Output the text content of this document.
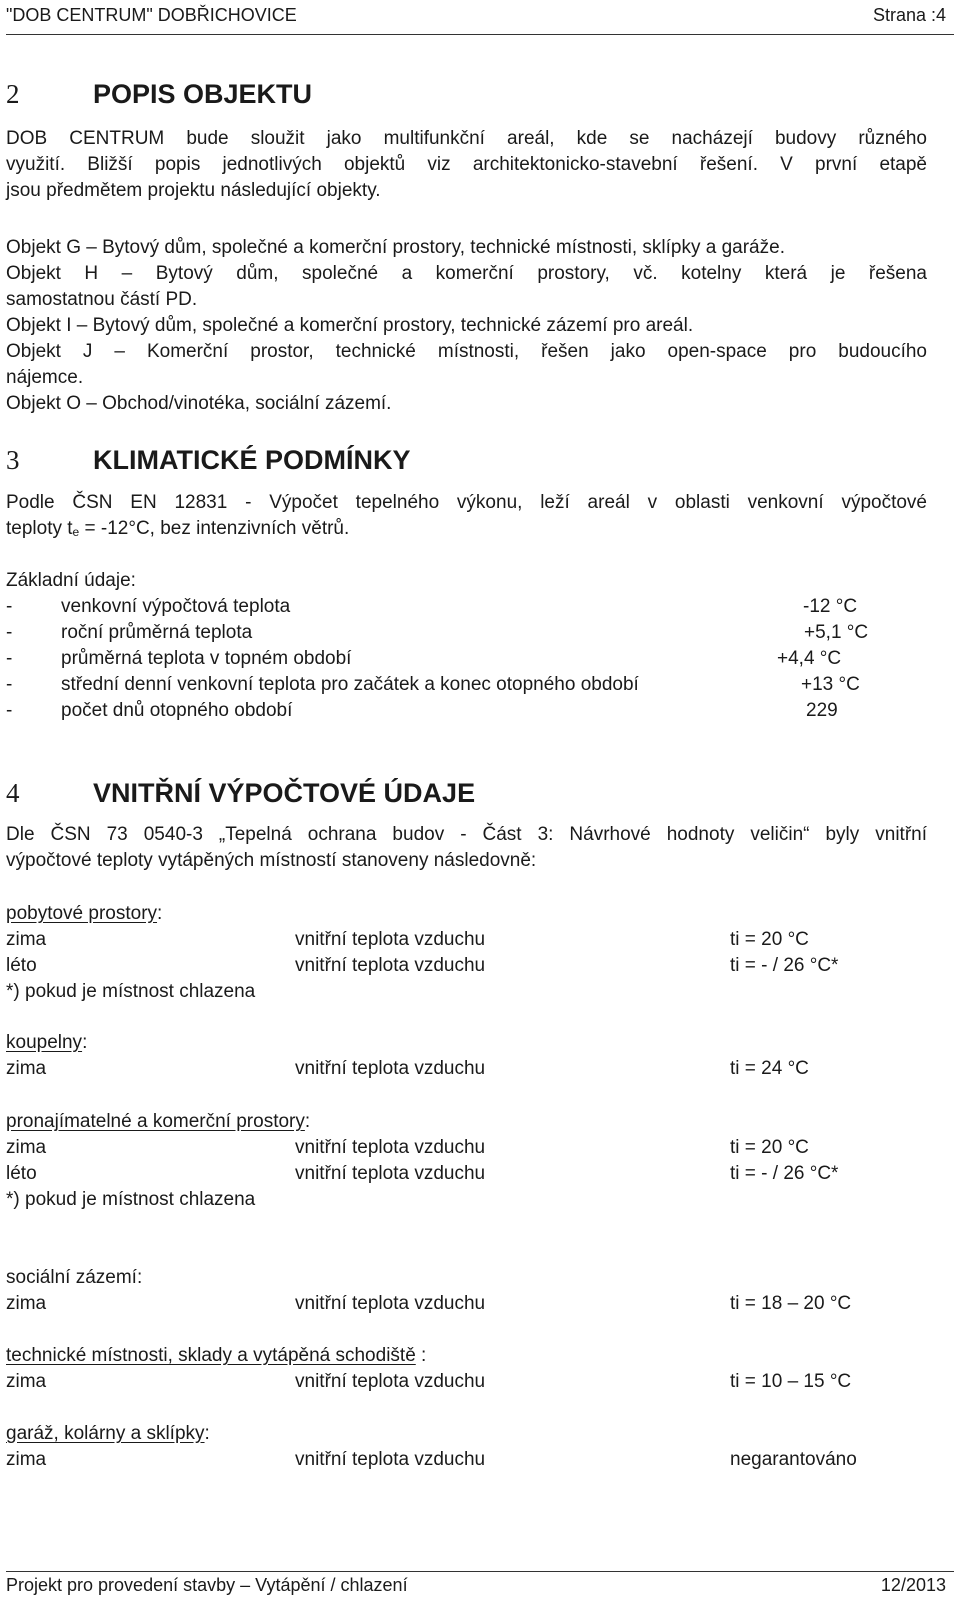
"DOB CENTRUM" DOBŘICHOVICE	Strana :4
2	POPIS OBJEKTU
DOB CENTRUM bude sloužit jako multifunkční areál, kde se nacházejí budovy různého
využití. Bližší popis jednotlivých objektů viz architektonicko-stavební řešení. V první etapě
jsou předmětem projektu následující objekty.
Objekt G – Bytový dům, společné a komerční prostory, technické místnosti, sklípky a garáže.
Objekt H – Bytový dům, společné a komerční prostory, vč. kotelny která je řešena
samostatnou částí PD.
Objekt I – Bytový dům, společné a komerční prostory, technické zázemí pro areál.
Objekt J – Komerční prostor, technické místnosti, řešen jako open-space pro budoucího
nájemce.
Objekt O – Obchod/vinotéka, sociální zázemí.
3	KLIMATICKÉ PODMÍNKY
Podle ČSN EN 12831 - Výpočet tepelného výkonu, leží areál v oblasti venkovní výpočtové
teploty $t_e = -12^\circ C$, bez intenzivních větrů.
Základní údaje:
-	venkovní výpočtová teplota	-12 °C
-	roční průměrná teplota	+5,1 °C
-	průměrná teplota v topném období	+4,4 °C
-	střední denní venkovní teplota pro začátek a konec otopného období	+13 °C
-	počet dnů otopného období	229
4	VNITŘNÍ VÝPOČTOVÉ ÚDAJE
Dle ČSN 73 0540-3 „Tepelná ochrana budov - Část 3: Návrhové hodnoty veličin“ byly vnitřní
výpočtové teploty vytápěných místností stanoveny následovně:
pobytové prostory:
zima	vnitřní teplota vzduchu	ti = 20 °C
léto	vnitřní teplota vzduchu	ti = - / 26 °C*
*) pokud je místnost chlazena
koupelny:
zima	vnitřní teplota vzduchu	ti = 24 °C
pronajímatelné a komerční prostory:
zima	vnitřní teplota vzduchu	ti = 20 °C
léto	vnitřní teplota vzduchu	ti = - / 26 °C*
*) pokud je místnost chlazena
sociální zázemí:
zima	vnitřní teplota vzduchu	ti = 18 – 20 °C
technické místnosti, sklady a vytápěná schodiště :
zima	vnitřní teplota vzduchu	ti = 10 – 15 °C
garáž, kolárny a sklípky:
zima	vnitřní teplota vzduchu	negarantováno
Projekt pro provedení stavby – Vytápění / chlazení	12/2013
